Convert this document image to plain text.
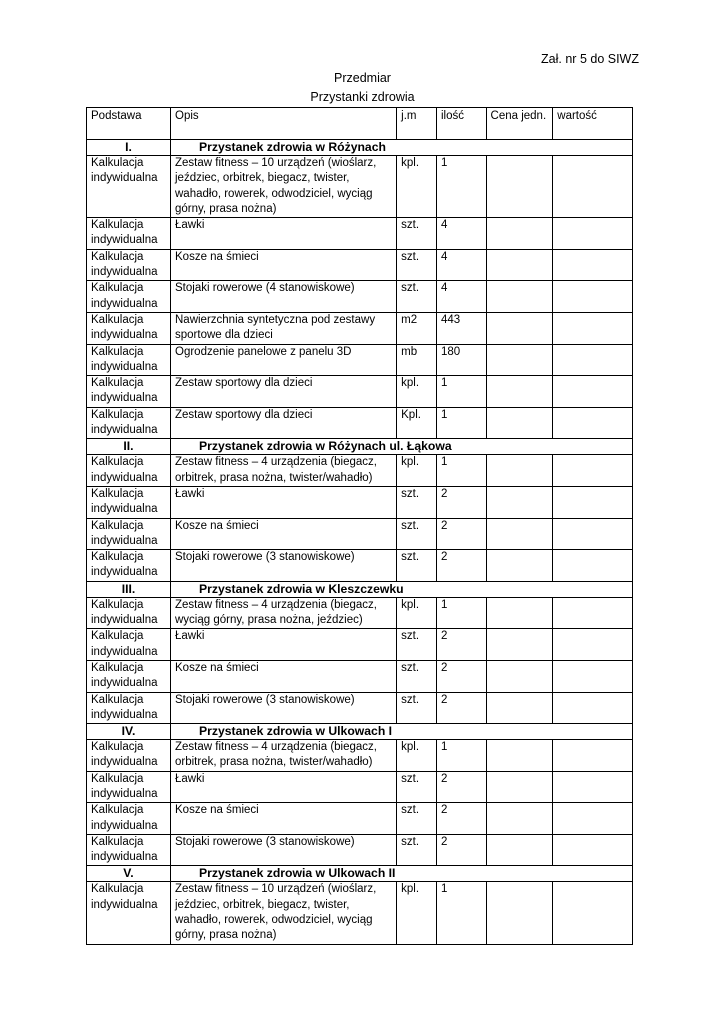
Zał. nr 5 do SIWZ
Przedmiar
Przystanki zdrowia
Podstawa	Opis	j.m	ilość	Cena jedn.	wartość
I.	Przystanek zdrowia w Różynach				
Kalkulacja indywidualna	Zestaw fitness – 10 urządzeń (wioślarz, jeździec, orbitrek, biegacz, twister, wahadło, rowerek, odwodziciel, wyciąg górny, prasa nożna)	kpl.	1		
Kalkulacja indywidualna	Ławki	szt.	4		
Kalkulacja indywidualna	Kosze na śmieci	szt.	4		
Kalkulacja indywidualna	Stojaki rowerowe (4 stanowiskowe)	szt.	4		
Kalkulacja indywidualna	Nawierzchnia syntetyczna pod zestawy sportowe dla dzieci	m2	443		
Kalkulacja indywidualna	Ogrodzenie panelowe z panelu 3D	mb	180		
Kalkulacja indywidualna	Zestaw sportowy dla dzieci	kpl.	1		
Kalkulacja indywidualna	Zestaw sportowy dla dzieci	Kpl.	1		
II.	Przystanek zdrowia w Różynach ul. Łąkowa				
Kalkulacja indywidualna	Zestaw fitness – 4 urządzenia (biegacz, orbitrek, prasa nożna, twister/wahadło)	kpl.	1		
Kalkulacja indywidualna	Ławki	szt.	2		
Kalkulacja indywidualna	Kosze na śmieci	szt.	2		
Kalkulacja indywidualna	Stojaki rowerowe (3 stanowiskowe)	szt.	2		
III.	Przystanek zdrowia w Kleszczewku				
Kalkulacja indywidualna	Zestaw fitness – 4 urządzenia (biegacz, wyciąg górny, prasa nożna, jeździec)	kpl.	1		
Kalkulacja indywidualna	Ławki	szt.	2		
Kalkulacja indywidualna	Kosze na śmieci	szt.	2		
Kalkulacja indywidualna	Stojaki rowerowe (3 stanowiskowe)	szt.	2		
IV.	Przystanek zdrowia w Ulkowach I				
Kalkulacja indywidualna	Zestaw fitness – 4 urządzenia (biegacz, orbitrek, prasa nożna, twister/wahadło)	kpl.	1		
Kalkulacja indywidualna	Ławki	szt.	2		
Kalkulacja indywidualna	Kosze na śmieci	szt.	2		
Kalkulacja indywidualna	Stojaki rowerowe (3 stanowiskowe)	szt.	2		
V.	Przystanek zdrowia w Ulkowach II				
Kalkulacja indywidualna	Zestaw fitness – 10 urządzeń (wioślarz, jeździec, orbitrek, biegacz, twister, wahadło, rowerek, odwodziciel, wyciąg górny, prasa nożna)	kpl.	1		
